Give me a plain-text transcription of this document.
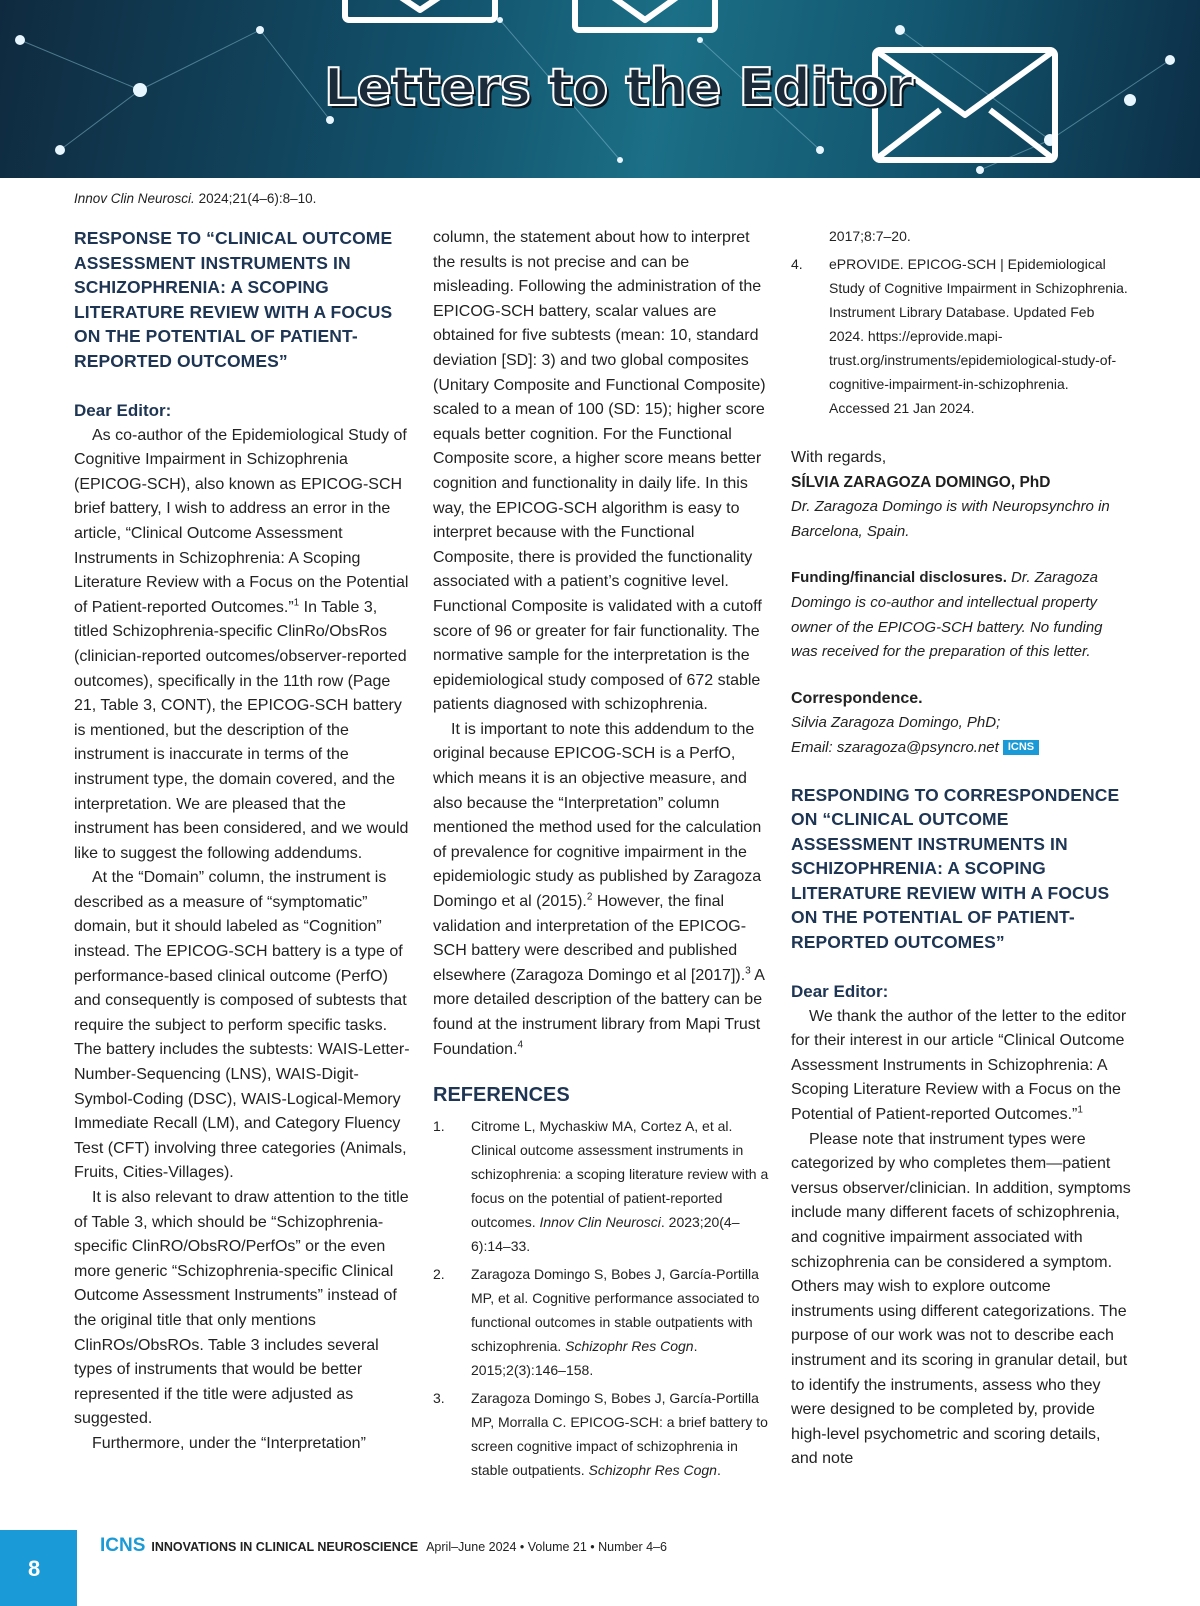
Letters to the Editor
Innov Clin Neurosci. 2024;21(4–6):8–10.
RESPONSE TO “CLINICAL OUTCOME ASSESSMENT INSTRUMENTS IN SCHIZOPHRENIA: A SCOPING LITERATURE REVIEW WITH A FOCUS ON THE POTENTIAL OF PATIENT-REPORTED OUTCOMES”

Dear Editor:

As co-author of the Epidemiological Study of Cognitive Impairment in Schizophrenia (EPICOG-SCH), also known as EPICOG-SCH brief battery, I wish to address an error in the article, “Clinical Outcome Assessment Instruments in Schizophrenia: A Scoping Literature Review with a Focus on the Potential of Patient-reported Outcomes.”$^1$ In Table 3, titled Schizophrenia-specific ClinRo/ObsRos (clinician-reported outcomes/observer-reported outcomes), specifically in the 11th row (Page 21, Table 3, CONT), the EPICOG-SCH battery is mentioned, but the description of the instrument is inaccurate in terms of the instrument type, the domain covered, and the interpretation. We are pleased that the instrument has been considered, and we would like to suggest the following addendums.

At the “Domain” column, the instrument is described as a measure of “symptomatic” domain, but it should labeled as “Cognition” instead. The EPICOG-SCH battery is a type of performance-based clinical outcome (PerfO) and consequently is composed of subtests that require the subject to perform specific tasks. The battery includes the subtests: WAIS-Letter-Number-Sequencing (LNS), WAIS-Digit-Symbol-Coding (DSC), WAIS-Logical-Memory Immediate Recall (LM), and Category Fluency Test (CFT) involving three categories (Animals, Fruits, Cities-Villages).

It is also relevant to draw attention to the title of Table 3, which should be “Schizophrenia-specific ClinRO/ObsRO/PerfOs” or the even more generic “Schizophrenia-specific Clinical Outcome Assessment Instruments” instead of the original title that only mentions ClinROs/ObsROs. Table 3 includes several types of instruments that would be better represented if the title were adjusted as suggested.

Furthermore, under the “Interpretation”

column, the statement about how to interpret the results is not precise and can be misleading. Following the administration of the EPICOG-SCH battery, scalar values are obtained for five subtests (mean: 10, standard deviation [SD]: 3) and two global composites (Unitary Composite and Functional Composite) scaled to a mean of 100 (SD: 15); higher score equals better cognition. For the Functional Composite score, a higher score means better cognition and functionality in daily life. In this way, the EPICOG-SCH algorithm is easy to interpret because with the Functional Composite, there is provided the functionality associated with a patient’s cognitive level. Functional Composite is validated with a cutoff score of 96 or greater for fair functionality. The normative sample for the interpretation is the epidemiological study composed of 672 stable patients diagnosed with schizophrenia.

It is important to note this addendum to the original because EPICOG-SCH is a PerfO, which means it is an objective measure, and also because the “Interpretation” column mentioned the method used for the calculation of prevalence for cognitive impairment in the epidemiologic study as published by Zaragoza Domingo et al (2015).$^2$ However, the final validation and interpretation of the EPICOG-SCH battery were described and published elsewhere (Zaragoza Domingo et al [2017]).$^3$ A more detailed description of the battery can be found at the instrument library from Mapi Trust Foundation.$^4$

REFERENCES
1.	Citrome L, Mychaskiw MA, Cortez A, et al. Clinical outcome assessment instruments in schizophrenia: a scoping literature review with a focus on the potential of patient-reported outcomes. Innov Clin Neurosci. 2023;20(4–6):14–33.
2.	Zaragoza Domingo S, Bobes J, García-Portilla MP, et al. Cognitive performance associated to functional outcomes in stable outpatients with schizophrenia. Schizophr Res Cogn. 2015;2(3):146–158.
3.	Zaragoza Domingo S, Bobes J, García-Portilla MP, Morralla C. EPICOG-SCH: a brief battery to screen cognitive impact of schizophrenia in stable outpatients. Schizophr Res Cogn.
2017;8:7–20.
4.	ePROVIDE. EPICOG-SCH | Epidemiological Study of Cognitive Impairment in Schizophrenia. Instrument Library Database. Updated Feb 2024. https://eprovide.mapi-trust.org/instruments/epidemiological-study-of-cognitive-impairment-in-schizophrenia. Accessed 21 Jan 2024.

With regards,

SÍLVIA ZARAGOZA DOMINGO, PhD

Dr. Zaragoza Domingo is with Neuropsynchro in Barcelona, Spain.

Funding/financial disclosures. Dr. Zaragoza Domingo is co-author and intellectual property owner of the EPICOG-SCH battery. No funding was received for the preparation of this letter.

Correspondence.

Silvia Zaragoza Domingo, PhD;

Email: szaragoza@psyncro.net ICNS

RESPONDING TO CORRESPONDENCE ON “CLINICAL OUTCOME ASSESSMENT INSTRUMENTS IN SCHIZOPHRENIA: A SCOPING LITERATURE REVIEW WITH A FOCUS ON THE POTENTIAL OF PATIENT-REPORTED OUTCOMES”

Dear Editor:

We thank the author of the letter to the editor for their interest in our article “Clinical Outcome Assessment Instruments in Schizophrenia: A Scoping Literature Review with a Focus on the Potential of Patient-reported Outcomes.”$^1$

Please note that instrument types were categorized by who completes them—patient versus observer/clinician. In addition, symptoms include many different facets of schizophrenia, and cognitive impairment associated with schizophrenia can be considered a symptom. Others may wish to explore outcome instruments using different categorizations. The purpose of our work was not to describe each instrument and its scoring in granular detail, but to identify the instruments, assess who they were designed to be completed by, provide high-level psychometric and scoring details, and note

8
ICNS INNOVATIONS IN CLINICAL NEUROSCIENCE April–June 2024 • Volume 21 • Number 4–6
